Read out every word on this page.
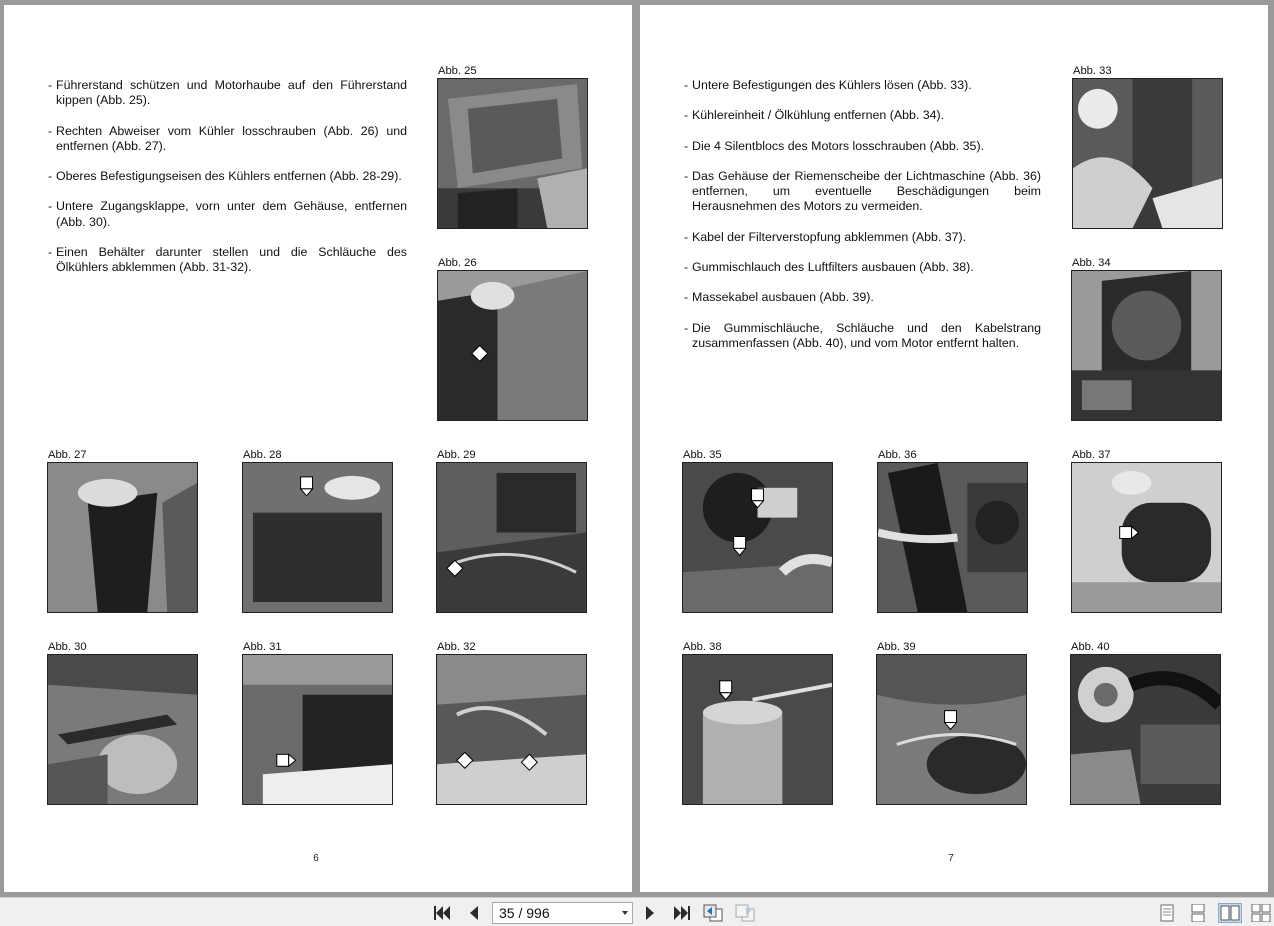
- Führerstand schützen und Motorhaube auf den Führerstand kippen (Abb. 25).
- Rechten Abweiser vom Kühler losschrauben (Abb. 26) und entfernen (Abb. 27).
- Oberes Befestigungseisen des Kühlers entfernen (Abb. 28-29).
- Untere Zugangsklappe, vorn unter dem Gehäuse, entfernen (Abb. 30).
- Einen Behälter darunter stellen und die Schläuche des Ölkühlers abklemmen (Abb. 31-32).
Abb. 25
Abb. 26
Abb. 27	Abb. 28	Abb. 29
Abb. 30	Abb. 31	Abb. 32
6
- Untere Befestigungen des Kühlers lösen (Abb. 33).
- Kühlereinheit / Ölkühlung entfernen (Abb. 34).
- Die 4 Silentblocs des Motors losschrauben (Abb. 35).
- Das Gehäuse der Riemenscheibe der Lichtmaschine (Abb. 36) entfernen, um eventuelle Beschädigungen beim Herausnehmen des Motors zu vermeiden.
- Kabel der Filterverstopfung abklemmen (Abb. 37).
- Gummischlauch des Luftfilters ausbauen (Abb. 38).
- Massekabel ausbauen (Abb. 39).
- Die Gummischläuche, Schläuche und den Kabelstrang zusammenfassen (Abb. 40), und vom Motor entfernt halten.
Abb. 33
Abb. 34
Abb. 35	Abb. 36	Abb. 37
Abb. 38	Abb. 39	Abb. 40
7
35 / 996
